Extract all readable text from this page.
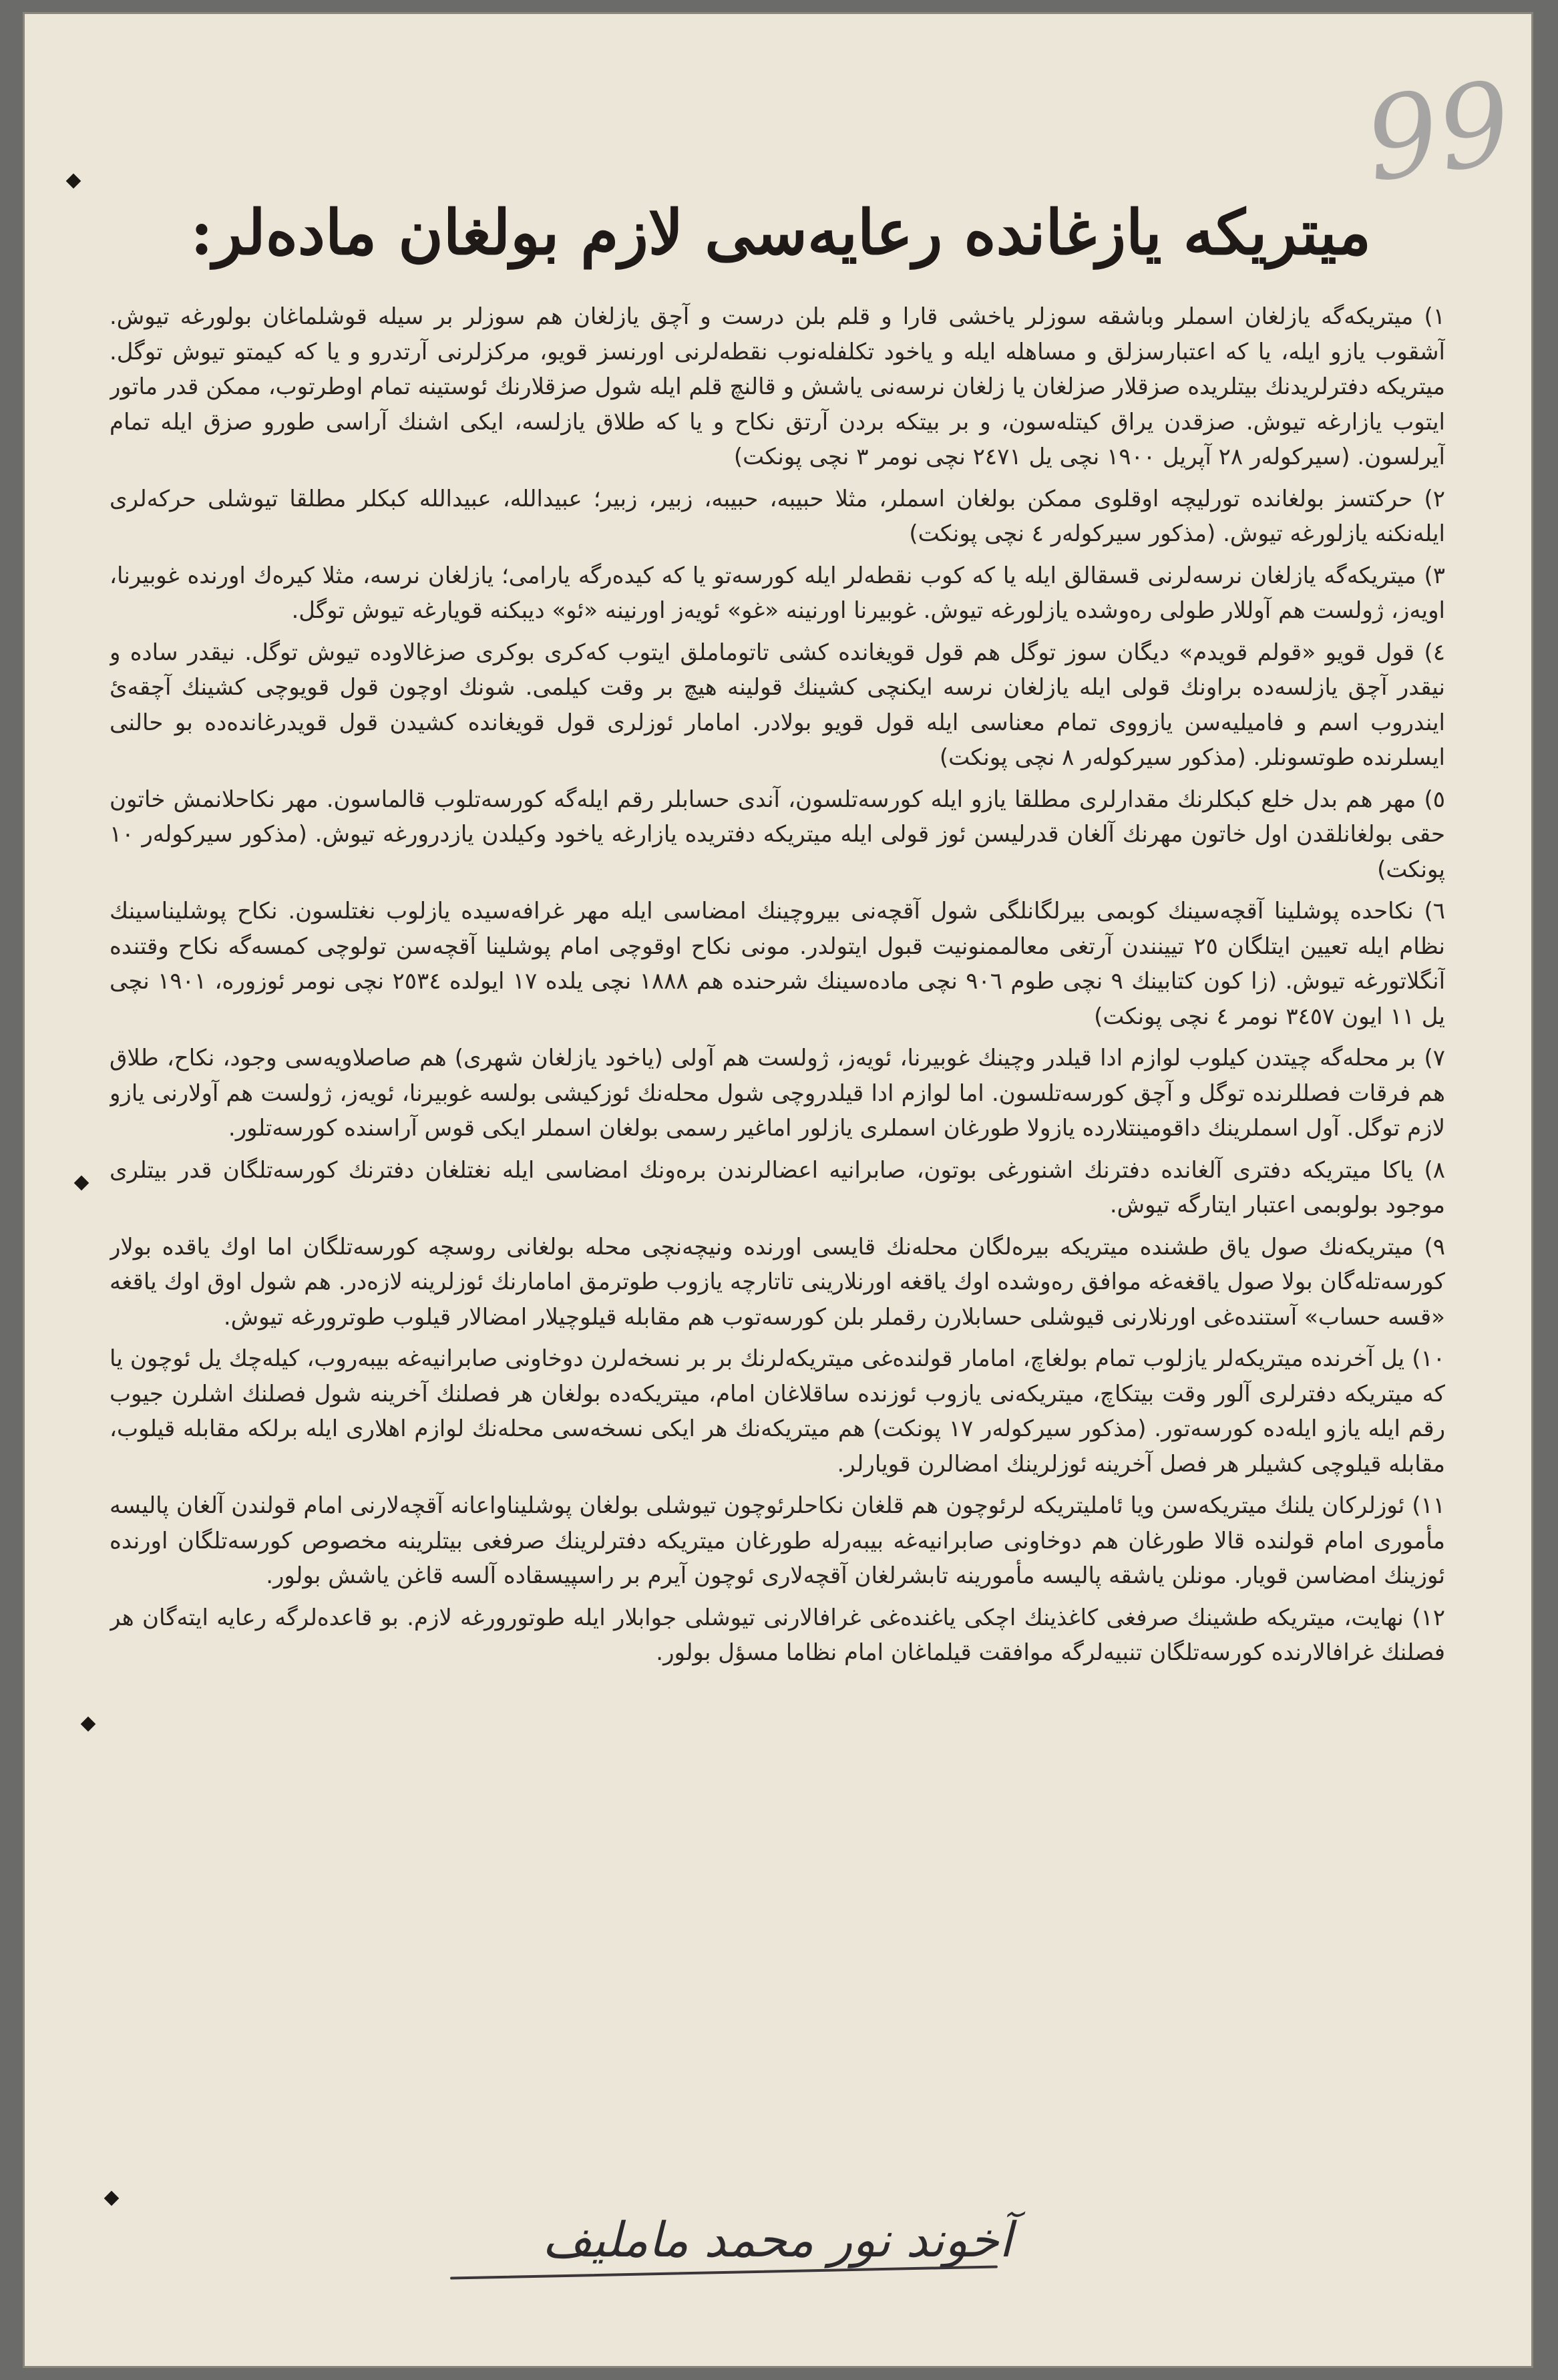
99
میتریکه یازغانده رعایه‌سی لازم بولغان ماده‌لر:

١) میتریکه‌گه یازلغان اسملر وباشقه سوزلر یاخشی قارا و قلم بلن درست و آچق یازلغان هم سوزلر بر سیله قوشلماغان بولورغه تیوش. آشقوب یازو ایله، یا که اعتبارسزلق و مساهله ایله و یاخود تکلفله‌نوب نقطه‌لرنی اورنسز قویو، مرکزلرنی آرتدرو و یا که کیمتو تیوش توگل. میتریکه دفترلریدنك بیتلریده صزقلار صزلغان یا زلغان نرسه‌نی یاشش و قالنچ قلم ایله شول صزقلارنك ئوستینه تمام اوطرتوب، ممکن قدر ماتور ایتوب یازارغه تیوش. صزقدن یراق کیتله‌سون، و بر بیتکه بردن آرتق نکاح و یا که طلاق یازلسه، ایکی اشنك آراسی طورو صزق ایله تمام آیرلسون. (سیرکولەر ٢٨ آپریل ١٩٠٠ نچی یل ٢٤٧١ نچی نومر ٣ نچی پونکت)

٢) حرکتسز بولغانده تورلیچه اوقلوی ممکن بولغان اسملر، مثلا حبیبه، حبیبه، زبیر، زبیر؛ عبیدالله، عبیدالله کبکلر مطلقا تیوشلی حرکه‌لری ایله‌نکنه یازلورغه تیوش. (مذکور سیرکولەر ٤ نچی پونکت)

٣) میتریکه‌گه یازلغان نرسه‌لرنی قسقالق ایله یا که کوب نقطه‌لر ایله کورسه‌تو یا که کیده‌رگه یارامی؛ یازلغان نرسه، مثلا کیره‌ك اورنده غوبیرنا، اویه‌ز، ژولست هم آوللار طولی ره‌وشده یازلورغه تیوش. غوبیرنا اورنینه «غو» ئویه‌ز اورنینه «ئو» دیبکنه قویارغه تیوش توگل.

٤) قول قویو «قولم قویدم» دیگان سوز توگل هم قول قویغانده کشی تاتوماملق ایتوب که‌کری بوکری صزغالاوده تیوش توگل. نیقدر ساده و نیقدر آچق یازلسه‌ده براونك قولی ایله یازلغان نرسه ایکنچی کشینك قولینه هیچ بر وقت کیلمی. شونك اوچون قول قویوچی کشینك آچقه‌ئ ایندروب اسم و فامیلیه‌سن یازووی تمام معناسی ایله قول قویو بولادر. امامار ئوزلری قول قویغانده کشیدن قول قویدرغانده‌ده بو حالنی ایسلرنده طوتسونلر. (مذکور سیرکولەر ٨ نچی پونکت)

٥) مهر هم بدل خلع کبکلرنك مقدارلری مطلقا یازو ایله کورسه‌تلسون، آندی حسابلر رقم ایله‌گه کورسه‌تلوب قالماسون. مهر نکاحلانمش خاتون حقی بولغانلقدن اول خاتون مهرنك آلغان قدرلیسن ئوز قولی ایله میتریکه دفتریده یازارغه یاخود وکیلدن یازدرورغه تیوش. (مذکور سیرکولەر ١٠ پونکت)

٦) نکاحده پوشلینا آقچه‌سینك کوبمی بیرلگانلگی شول آقچه‌نی بیروچینك امضاسی ایله مهر غرافه‌سیده یازلوب نغتلسون. نکاح پوشلیناسینك نظام ایله تعیین ایتلگان ٢٥ تیینندن آرتغی معالممنونیت قبول ایتولدر. مونی نکاح اوقوچی امام پوشلینا آقچه‌سن تولوچی کمسه‌گه نکاح وقتنده آنگلاتورغه تیوش. (زا کون کتابینك ٩ نچی طوم ٩٠٦ نچی ماده‌سینك شرحنده هم ١٨٨٨ نچی یلده ١٧ ایولده ٢٥٣٤ نچی نومر ئوزوره، ١٩٠١ نچی یل ١١ ایون ٣٤٥٧ نومر ٤ نچی پونکت)

٧) بر محله‌گه چیتدن کیلوب لوازم ادا قیلدر وچینك غوبیرنا، ئویه‌ز، ژولست هم آولی (یاخود یازلغان شهری) هم صاصلاویه‌سی وجود، نکاح، طلاق هم فرقات فصللرنده توگل و آچق کورسه‌تلسون. اما لوازم ادا قیلدروچی شول محله‌نك ئوزکیشی بولسه غوبیرنا، ئویه‌ز، ژولست هم آولارنی یازو لازم توگل. آول اسملرینك داقومینتلارده یازولا طورغان اسملری یازلور اماغیر رسمی بولغان اسملر ایکی قوس آراسنده کورسه‌تلور.

٨) یاکا میتریکه دفتری آلغانده دفترنك اشنورغی بوتون، صابرانیه اعضالرندن بره‌ونك امضاسی ایله نغتلغان دفترنك کورسه‌تلگان قدر بیتلری موجود بولوبمی اعتبار ایتارگه تیوش.

٩) میتریکه‌نك صول یاق طشنده میتریکه بیره‌لگان محله‌نك قایسی اورنده ونیچه‌نچی محله بولغانی روسچه کورسه‌تلگان اما اوك یاقده بولار کورسه‌تله‌گان بولا صول یاقغه‌غه موافق ره‌وشده اوك یاقغه اورنلارینی تاتارچه یازوب طوترمق امامارنك ئوزلرینه لازه‌در. هم شول اوق اوك یاقغه «قسه حساب» آستنده‌غی اورنلارنی قیوشلی حسابلارن رقملر بلن کورسه‌توب هم مقابله قیلوچیلار امضالار قیلوب طوترورغه تیوش.

١٠) یل آخرنده میتریکه‌لر یازلوب تمام بولغاچ، امامار قولنده‌غی میتریکه‌لرنك بر بر نسخه‌لرن دوخاونی صابرانیه‌غه بیبه‌روب، کیله‌چك یل ئوچون یا که میتریکه دفترلری آلور وقت بیتکاچ، میتریکه‌نی یازوب ئوزنده ساقلاغان امام، میتریکه‌ده بولغان هر فصلنك آخرینه شول فصلنك اشلرن جیوب رقم ایله یازو ایله‌ده کورسه‌تور. (مذکور سیرکولەر ١٧ پونکت) هم میتریکه‌نك هر ایکی نسخه‌سی محله‌نك لوازم اهلاری ایله برلکه مقابله قیلوب، مقابله قیلوچی کشیلر هر فصل آخرینه ئوزلرینك امضالرن قویارلر.

١١) ئوزلرکان یلنك میتریکه‌سن ویا ئاملیتریکه لرئوچون هم قلغان نکاحلرئوچون تیوشلی بولغان پوشلیناواعانه آقچه‌لارنی امام قولندن آلغان پالیسه مأموری امام قولنده قالا طورغان هم دوخاونی صابرانیه‌غه بیبه‌رله طورغان میتریکه دفترلرینك صرفغی بیتلرینه مخصوص کورسه‌تلگان اورنده ئوزینك امضاسن قویار. مونلن یاشقه پالیسه مأمورینه تابشرلغان آقچه‌لاری ئوچون آیرم بر راسپیسقاده آلسه قاغن یاشش بولور.

١٢) نهایت، میتریکه طشینك صرفغی کاغذینك اچکی یاغنده‌غی غرافالارنی تیوشلی جوابلار ایله طوتورورغه لازم. بو قاعده‌لرگه رعایه ایته‌گان هر فصلنك غرافالارنده کورسه‌تلگان تنبیه‌لرگه موافقت قیلماغان امام نظاما مسؤل بولور.

آخوند نور محمد ماملیف
